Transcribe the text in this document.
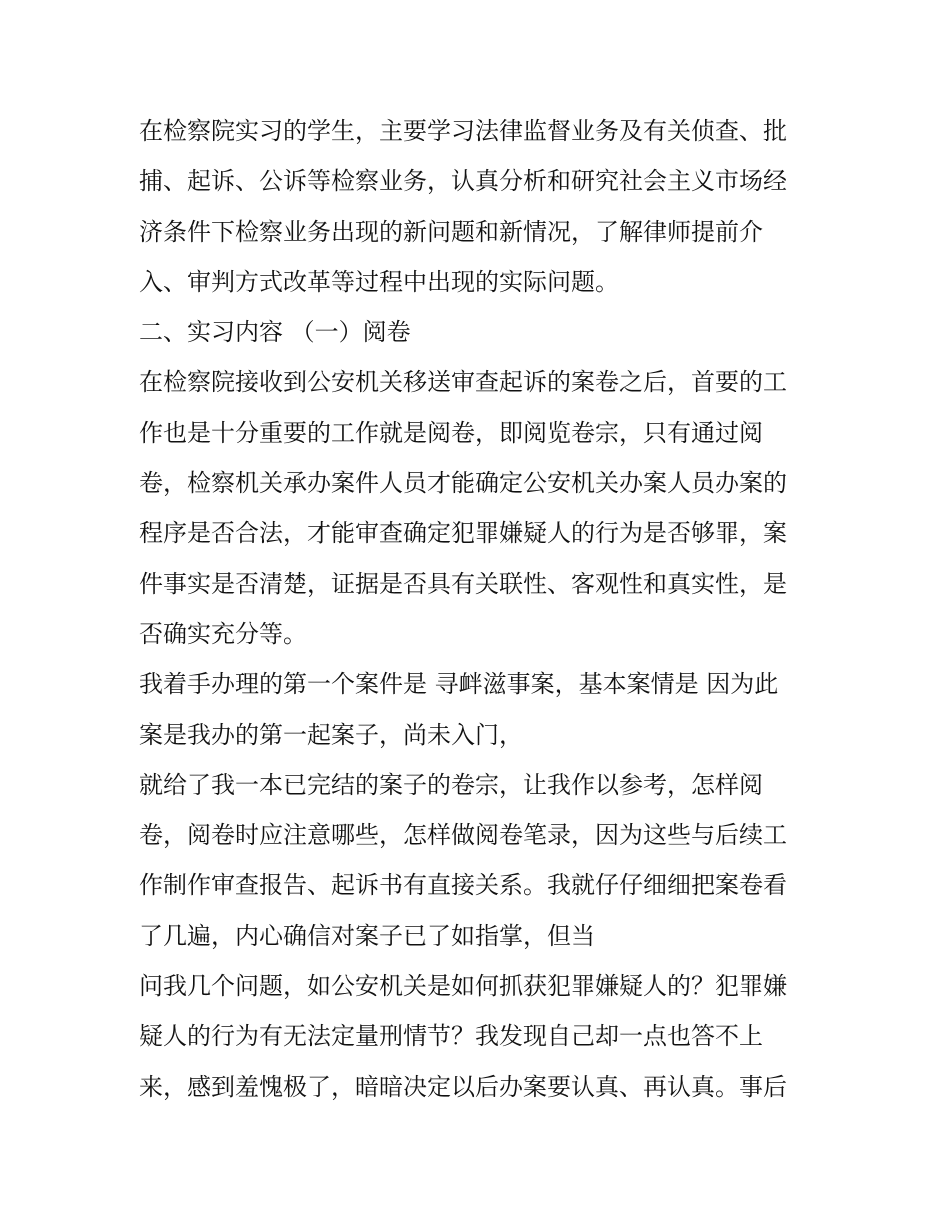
在检察院实习的学生，主要学习法律监督业务及有关侦查、批
捕、起诉、公诉等检察业务，认真分析和研究社会主义市场经
济条件下检察业务出现的新问题和新情况，了解律师提前介
入、审判方式改革等过程中出现的实际问题。
二、实习内容 （一）阅卷
在检察院接收到公安机关移送审查起诉的案卷之后，首要的工
作也是十分重要的工作就是阅卷，即阅览卷宗，只有通过阅
卷，检察机关承办案件人员才能确定公安机关办案人员办案的
程序是否合法，才能审查确定犯罪嫌疑人的行为是否够罪，案
件事实是否清楚，证据是否具有关联性、客观性和真实性，是
否确实充分等。
我着手办理的第一个案件是 寻衅滋事案，基本案情是 因为此
案是我办的第一起案子，尚未入门，
就给了我一本已完结的案子的卷宗，让我作以参考，怎样阅
卷，阅卷时应注意哪些，怎样做阅卷笔录，因为这些与后续工
作制作审查报告、起诉书有直接关系。我就仔仔细细把案卷看
了几遍，内心确信对案子已了如指掌，但当
问我几个问题，如公安机关是如何抓获犯罪嫌疑人的？犯罪嫌
疑人的行为有无法定量刑情节？我发现自己却一点也答不上
来，感到羞愧极了，暗暗决定以后办案要认真、再认真。事后
